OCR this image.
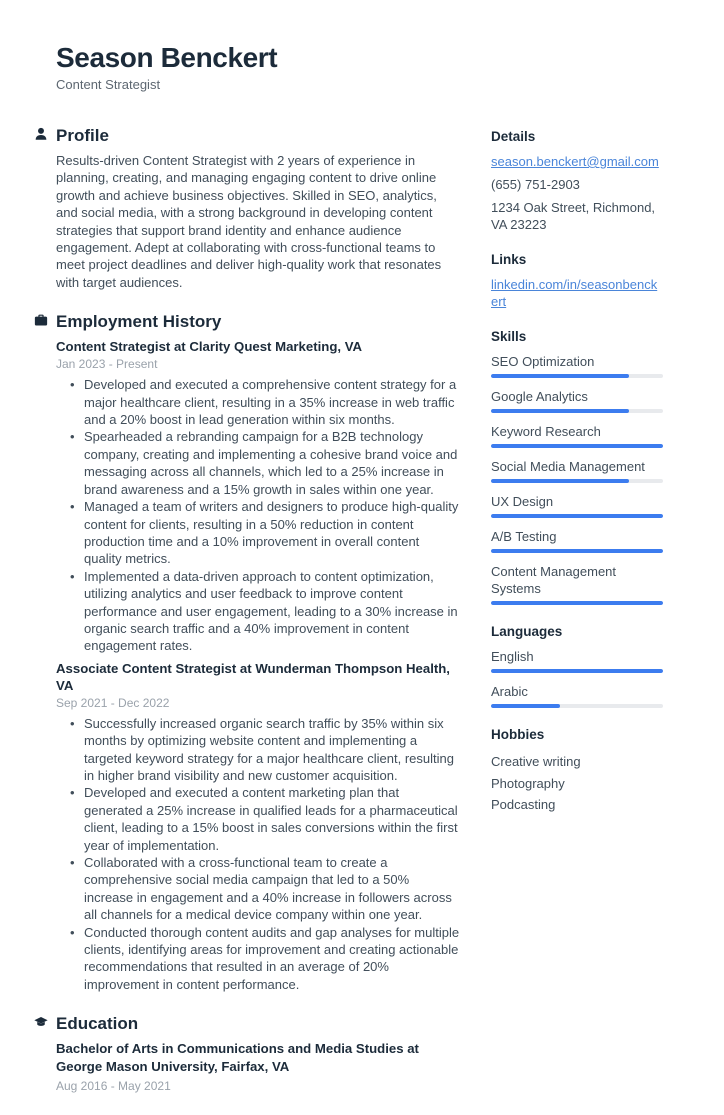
Season Benckert
Content Strategist
Profile

Results-driven Content Strategist with 2 years of experience in planning, creating, and managing engaging content to drive online growth and achieve business objectives. Skilled in SEO, analytics, and social media, with a strong background in developing content strategies that support brand identity and enhance audience engagement. Adept at collaborating with cross-functional teams to meet project deadlines and deliver high-quality work that resonates with target audiences.

Employment History
Content Strategist at Clarity Quest Marketing, VA
Jan 2023 - Present
• Developed and executed a comprehensive content strategy for a major healthcare client, resulting in a 35% increase in web traffic and a 20% boost in lead generation within six months.
• Spearheaded a rebranding campaign for a B2B technology company, creating and implementing a cohesive brand voice and messaging across all channels, which led to a 25% increase in brand awareness and a 15% growth in sales within one year.
• Managed a team of writers and designers to produce high-quality content for clients, resulting in a 50% reduction in content production time and a 10% improvement in overall content quality metrics.
• Implemented a data-driven approach to content optimization, utilizing analytics and user feedback to improve content performance and user engagement, leading to a 30% increase in organic search traffic and a 40% improvement in content engagement rates.
Associate Content Strategist at Wunderman Thompson Health, VA
Sep 2021 - Dec 2022
• Successfully increased organic search traffic by 35% within six months by optimizing website content and implementing a targeted keyword strategy for a major healthcare client, resulting in higher brand visibility and new customer acquisition.
• Developed and executed a content marketing plan that generated a 25% increase in qualified leads for a pharmaceutical client, leading to a 15% boost in sales conversions within the first year of implementation.
• Collaborated with a cross-functional team to create a comprehensive social media campaign that led to a 50% increase in engagement and a 40% increase in followers across all channels for a medical device company within one year.
• Conducted thorough content audits and gap analyses for multiple clients, identifying areas for improvement and creating actionable recommendations that resulted in an average of 20% improvement in content performance.
Education
Bachelor of Arts in Communications and Media Studies at George Mason University, Fairfax, VA
Aug 2016 - May 2021
Details
season.benckert@gmail.com
(655) 751-2903
1234 Oak Street, Richmond, VA 23223
Links
linkedin.com/in/seasonbenckert
Skills
SEO Optimization
Google Analytics
Keyword Research
Social Media Management
UX Design
A/B Testing
Content Management Systems
Languages
English
Arabic
Hobbies
Creative writing
Photography
Podcasting
